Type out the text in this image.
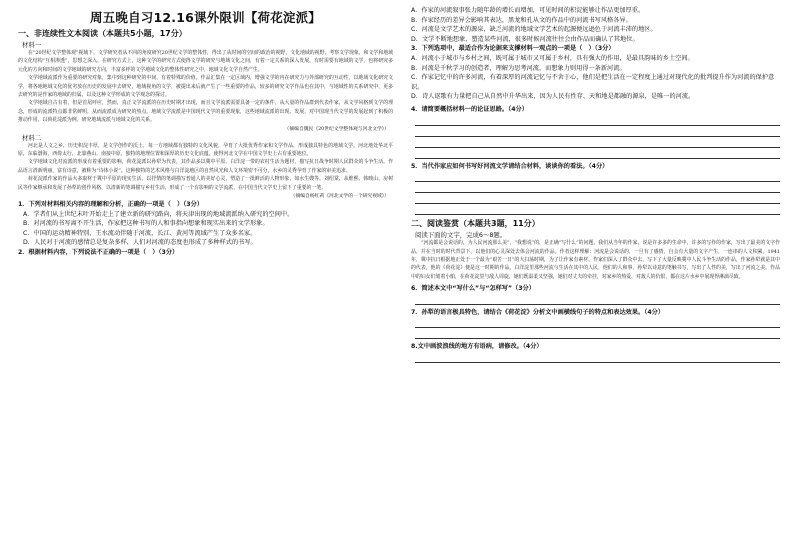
周五晚自习12.16课外限训【荷花淀派】
一、非连续性文本阅读（本题共5小题，17分）
材料一

在“20世纪文学整体观”视域下，文学研究者从不同的角度研究20世纪文学的整体性，得出了从时间的空间的政治的视野，文化地域的视野，考察文学现象，和文学和地域的文化结构“互相渗透”，思想之深入，在研究方式上，这种文学的研究方式使得文学的研究与地域文化之间，有着一定关系的深入发展，有时需要有地域的文学，也将研究多元化的方向和时间的文学地域的研究方向，丰富多样的文学地域文化的整体性研究之中，地域文化文学自然产生。

文学地域流派作为重要的研究对象，集中到这种研究的中间，有着特殊的价值。作品汇集在一定区域内，增强文学的内在研究力与外部研究的互动性，以地域文化研究文学，将各地地域文化的优劣放在历史的发展中去研究，地域视角的文学，被提出来后就产生了一些重要的作品，较多的研究文学作品也在其中，与地域性的关系研究中，更多去研究的是作家的地域的归属，以及这种文学形成的文学观念的探讨。

文学地域自古有着，但是首尾呼应，然而，真正文学流派的在历史时期才出现，而且文学流派需要具备一定的条件，从大量的作品群到代表作家，从文学风格到文学的理念，形成的流派特点都非常鲜明，从而流派成为研究的热点。地域文学流派是中国现代文学的重要现象，这些地域流派的出现、发展，对中国现当代文学的发展起到了积极的推动作用，以荷花淀派为例，研究地域流派与地域文化的关系。

（摘编自魏民《20世纪文学整体观与河北文学》）
材料二

河北是人文之乡，历史积淀丰厚，是文学创作的沃土，每一方地域都有独特的文化风貌，孕育了大批优秀作家和文学作品，形成独具特色的地域文学。河北地处华北平原，东临渤海，西倚太行，北靠燕山，南接中原，独特的地理位置和深厚的历史文化底蕴，使得河北文学在中国文学史上占有重要地位。

文学地域文化对流派的形成有着重要的影响，荷花淀派以孙犁为代表，其作品多以冀中平原、白洋淀一带的农村生活为题材，描写抗日战争时期人民群众的斗争生活。作品语言清新明丽，富有诗意，被称为“诗体小说”。这种独特的艺术风格与白洋淀地区的自然风光和人文环境密不可分，水乡的灵秀孕育了作家的审美追求。

荷花淀派作家的作品大多取材于冀中平原的现实生活，以抒情的笔调描写普通人的美好心灵，塑造了一批鲜活的人物形象，如水生嫂等。刘绍棠、从维熙、韩映山、房树民等作家继承和发展了孙犁的创作风格，以清新的笔调描写乡村生活，形成了一个有影响的文学流派，在中国当代文学史上留下了重要的一笔。

（摘编自杨红莉《河北文学的一个研究视域》）

1．下列对材料相关内容的理解和分析，正确的一项是（　）（3分）

A．学者们从上世纪末叶开始走上了建立新的研究路向，将天津出现的地域流派纳入研究的空间中。

B．对河流的书写离不开生活，作家把这种书写的人和事指向想象和现实出来的文学形象。

C．中国的运动精神特别，王水流动伴随于河流，长江、黄河等流域产生了众多名家。

D．人民对于河流的感情总是复杂多样，人们对河流的态度也形成了多种样式的书写。

2．根据材料内容，下列说法不正确的一项是（　）（3分）

A．作家的河流叙事张力随年龄的增长而增加，可见时间的积淀能够让作品更加厚重。

B．作家经历的差异会影响其表达，黑龙和孔从文的作品中的河流书写风格各异。

C．河流是文学艺术的源泉，缺乏河流的地域文学艺术的起源便远逊色于河流丰沛的地区。

D．文学不断地想象、塑造某些河流，很多时候河流往往会由作品而确认了其地位。

3．下列选项中，最适合作为论据来支撑材料一观点的一项是（　）（3分）

A．河流小于城市与乡村之间，既可属于城市又可属于乡村，具有强大的作用，是最具韵味的乡土空间。

B．河流是千秋学习的创造者，理解为思考河流，而想象力则用得一条新河流。

C．作家记忆中的许多河流，有着深厚的河流记忆与不舍于心，他们是把生活在一定程度上通过对现代化的批判提升作为河流的保护意识。

D．诗人讴歌有力量把自己从自然中升华出来，因为人民有性存、天和地是都融的源泉，是唯一的河流。

4．请简要概括材料一的论证思路。（4分）

5．当代作家应如何书写好河流文学请结合材料，谈谈你的看法。（4分）

二、阅读鉴赏（本题共3题，11分）
阅读下面的文字，完成6～8题。

“河流都是会说话的，为人民河流那么美”，“我想说”的，是正确“写什么”的问题。我们从当年的作家，说是许多多的生命中，许多的写作的作家，写出了最美的文字作品，并在当时的时代背景下，以他们的心灵深处去体会河流的作品。作者这样理解：河流是会说话的，一旦有了感情，自会有大量的文字产生，一连串的人文积累。1941年，冀中抗日根据地正处于一个最为“艰苦一日”的大扫荡时期，为了让作家有素材，作家们深入了群众中去，写下了大量反映冀中人民斗争生活的作品，作家孙犁就是其中的代表，他的《荷花淀》便是这一时期的作品。白洋淀里那些河流与生活在其中的人民，他们的人和事，孙犁以诗意的笔触书写，写出了人性的美，写出了河流之美。作品中的妇女们划着小船，在荷花淀里与敌人周旋，她们既温柔又坚强，她们对丈夫的牵挂，对家乡的热爱，对敌人的仇恨，都在这片水乡中展现得淋漓尽致。

6．简述本文中“写什么”与“怎样写”（3分）

7．孙犁的语言极具特色，请结合《荷花淀》分析文中画横线句子的特点和表达效果。（4分）

8.文中画波浪线的地方有语病，请修改。（4分）
